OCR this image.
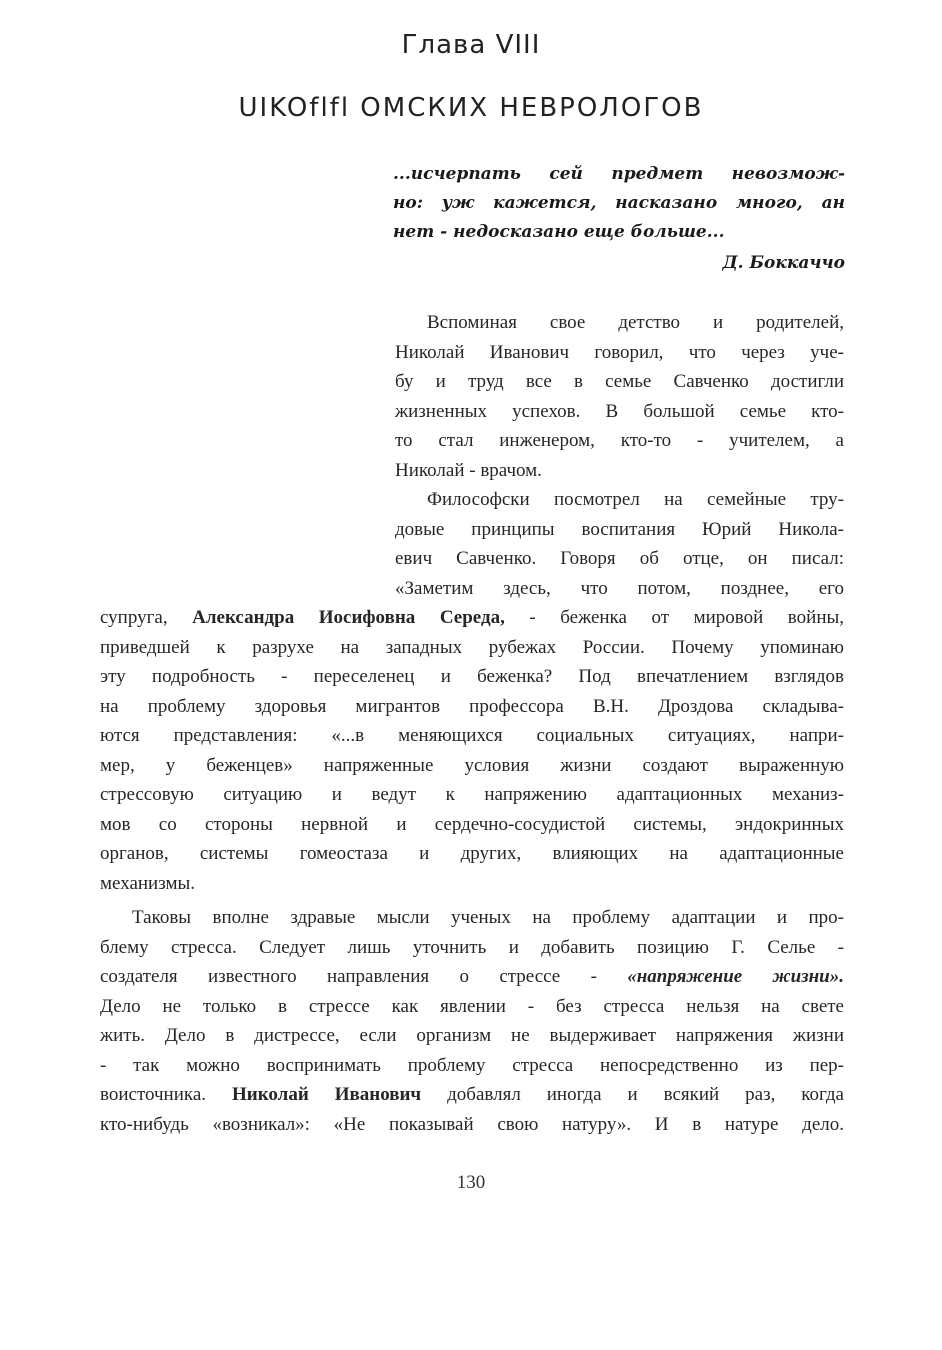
Глава VIII
UIKOflfl ОМСКИХ НЕВРОЛОГОВ
...исчерпать сей предмет невозмож-
но: уж кажется, насказано много, ан
нет - недосказано еще больше...
Д. Боккаччо
Вспоминая свое детство и родителей,
Николай Иванович говорил, что через уче-
бу и труд все в семье Савченко достигли
жизненных успехов. В большой семье кто-
то стал инженером, кто-то - учителем, а
Николай - врачом.
Философски посмотрел на семейные тру-
довые принципы воспитания Юрий Никола-
евич Савченко. Говоря об отце, он писал:
«Заметим здесь, что потом, позднее, его
супруга, Александра Иосифовна Середа, - беженка от мировой войны,
приведшей к разрухе на западных рубежах России. Почему упоминаю
эту подробность - переселенец и беженка? Под впечатлением взглядов
на проблему здоровья мигрантов профессора В.Н. Дроздова складыва-
ются представления: «...в меняющихся социальных ситуациях, напри-
мер, у беженцев» напряженные условия жизни создают выраженную
стрессовую ситуацию и ведут к напряжению адаптационных механиз-
мов со стороны нервной и сердечно-сосудистой системы, эндокринных
органов, системы гомеостаза и других, влияющих на адаптационные
механизмы.
Таковы вполне здравые мысли ученых на проблему адаптации и про-
блему стресса. Следует лишь уточнить и добавить позицию Г. Селье -
создателя известного направления о стрессе - «напряжение жизни».
Дело не только в стрессе как явлении - без стресса нельзя на свете
жить. Дело в дистрессе, если организм не выдерживает напряжения жизни
- так можно воспринимать проблему стресса непосредственно из пер-
воисточника. Николай Иванович добавлял иногда и всякий раз, когда
кто-нибудь «возникал»: «Не показывай свою натуру». И в натуре дело.
130
